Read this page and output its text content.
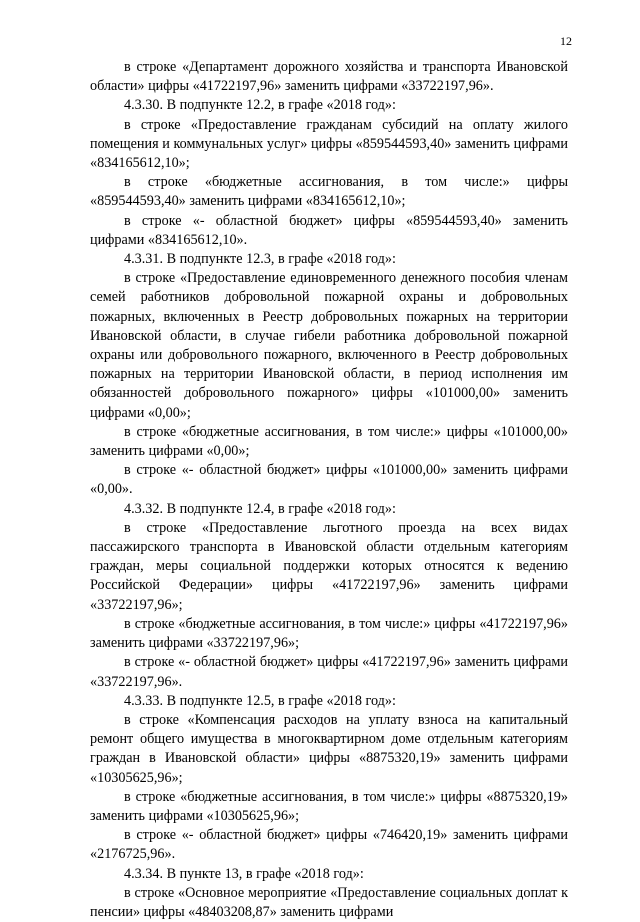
12

в строке «Департамент дорожного хозяйства и транспорта Ивановской области» цифры «41722197,96» заменить цифрами «33722197,96».

4.3.30. В подпункте 12.2, в графе «2018 год»:

в строке «Предоставление гражданам субсидий на оплату жилого помещения и коммунальных услуг» цифры «859544593,40» заменить цифрами «834165612,10»;

в строке «бюджетные ассигнования, в том числе:» цифры «859544593,40» заменить цифрами «834165612,10»;

в строке «- областной бюджет» цифры «859544593,40» заменить цифрами «834165612,10».

4.3.31. В подпункте 12.3, в графе «2018 год»:

в строке «Предоставление единовременного денежного пособия членам семей работников добровольной пожарной охраны и добровольных пожарных, включенных в Реестр добровольных пожарных на территории Ивановской области, в случае гибели работника добровольной пожарной охраны или добровольного пожарного, включенного в Реестр добровольных пожарных на территории Ивановской области, в период исполнения им обязанностей добровольного пожарного» цифры «101000,00» заменить цифрами «0,00»;

в строке «бюджетные ассигнования, в том числе:» цифры «101000,00» заменить цифрами «0,00»;

в строке «- областной бюджет» цифры «101000,00» заменить цифрами «0,00».

4.3.32. В подпункте 12.4, в графе «2018 год»:

в строке «Предоставление льготного проезда на всех видах пассажирского транспорта в Ивановской области отдельным категориям граждан, меры социальной поддержки которых относятся к ведению Российской Федерации» цифры «41722197,96» заменить цифрами «33722197,96»;

в строке «бюджетные ассигнования, в том числе:» цифры «41722197,96» заменить цифрами «33722197,96»;

в строке «- областной бюджет» цифры «41722197,96» заменить цифрами «33722197,96».

4.3.33. В подпункте 12.5, в графе «2018 год»:

в строке «Компенсация расходов на уплату взноса на капитальный ремонт общего имущества в многоквартирном доме отдельным категориям граждан в Ивановской области» цифры «8875320,19» заменить цифрами «10305625,96»;

в строке «бюджетные ассигнования, в том числе:» цифры «8875320,19» заменить цифрами «10305625,96»;

в строке «- областной бюджет» цифры «746420,19» заменить цифрами «2176725,96».

4.3.34. В пункте 13, в графе «2018 год»:

в строке «Основное мероприятие «Предоставление социальных доплат к пенсии» цифры «48403208,87» заменить цифрами
